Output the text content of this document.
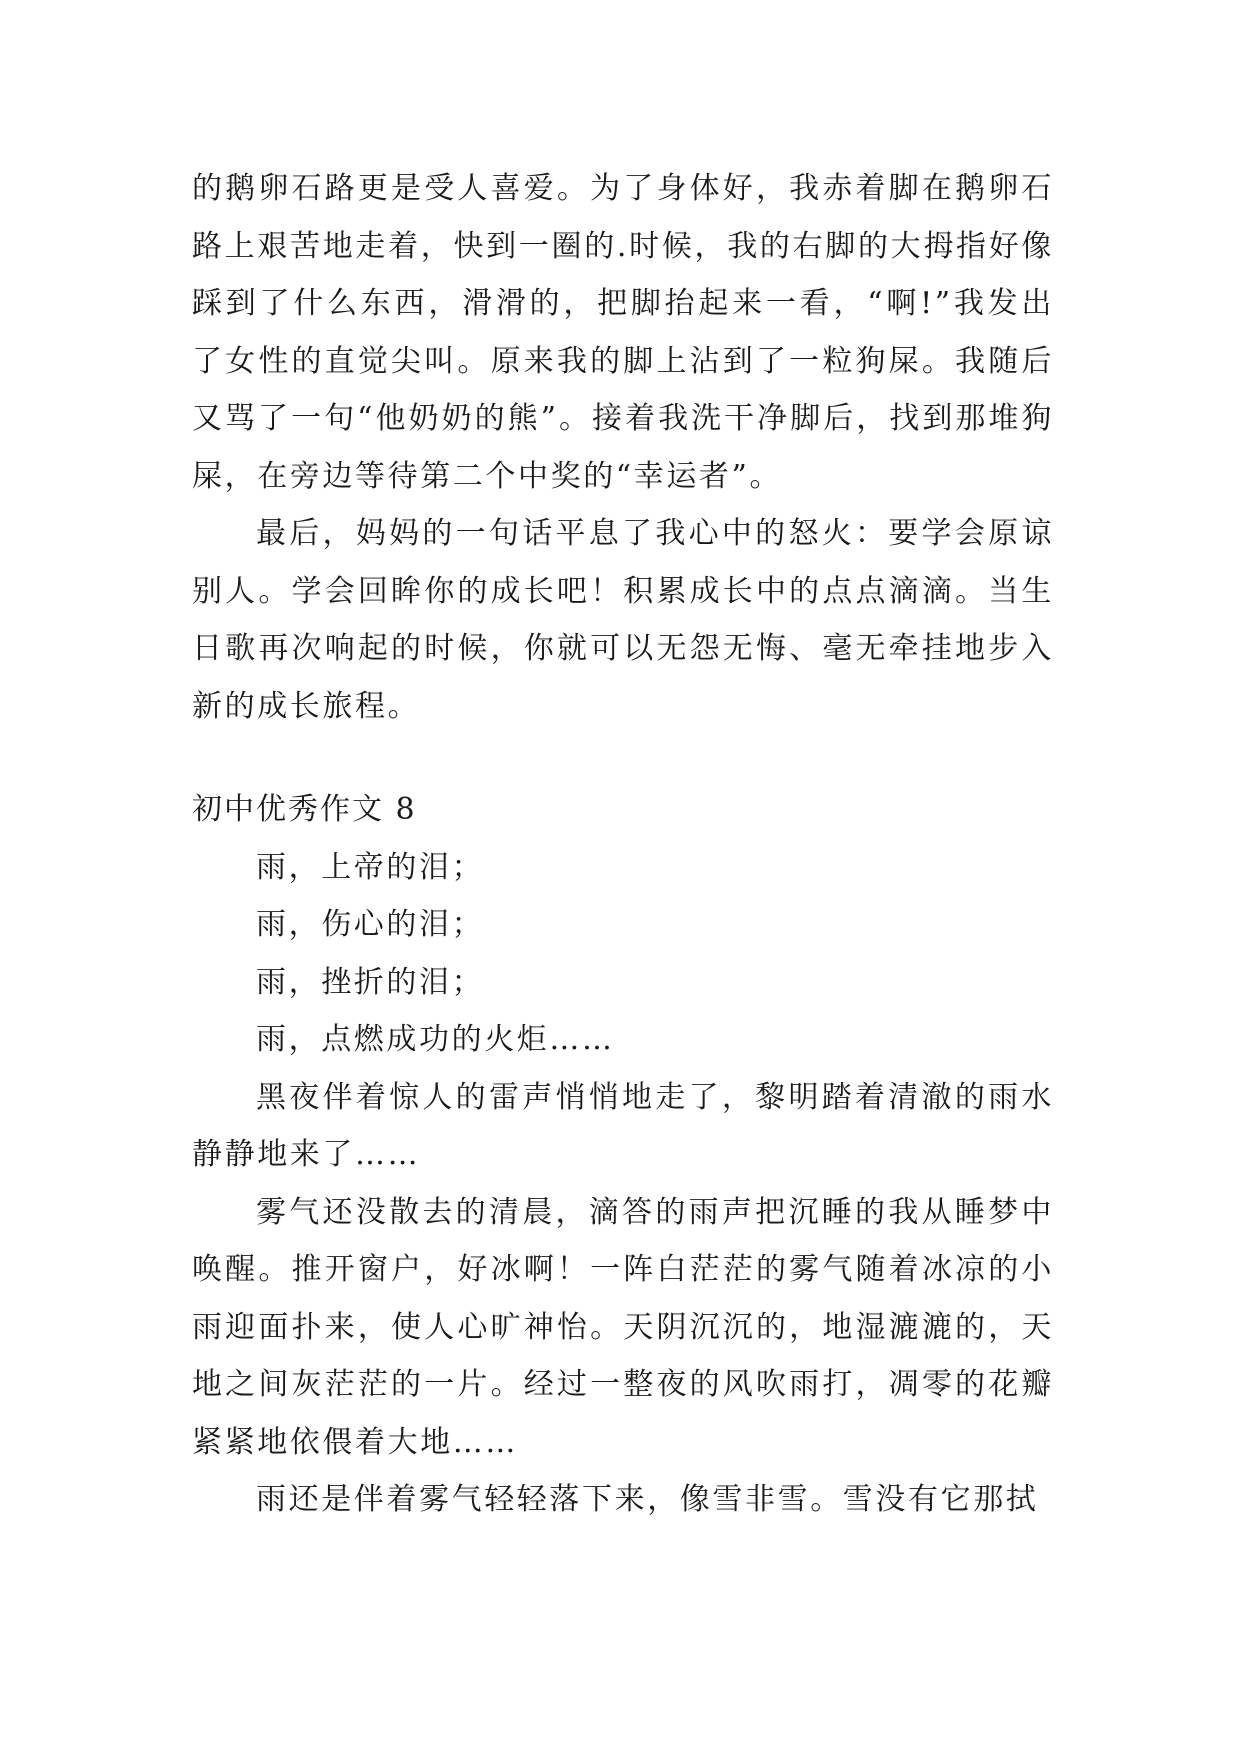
的鹅卵石路更是受人喜爱。为了身体好，我赤着脚在鹅卵石路上艰苦地走着，快到一圈的.时候，我的右脚的大拇指好像踩到了什么东西，滑滑的，把脚抬起来一看，“啊!”我发出了女性的直觉尖叫。原来我的脚上沾到了一粒狗屎。我随后又骂了一句“他奶奶的熊”。接着我洗干净脚后，找到那堆狗屎，在旁边等待第二个中奖的“幸运者”。

最后，妈妈的一句话平息了我心中的怒火：要学会原谅别人。学会回眸你的成长吧！积累成长中的点点滴滴。当生日歌再次响起的时候，你就可以无怨无悔、毫无牵挂地步入新的成长旅程。

初中优秀作文 8

雨，上帝的泪；

雨，伤心的泪；

雨，挫折的泪；

雨，点燃成功的火炬……

黑夜伴着惊人的雷声悄悄地走了，黎明踏着清澈的雨水静静地来了……

雾气还没散去的清晨，滴答的雨声把沉睡的我从睡梦中唤醒。推开窗户，好冰啊！一阵白茫茫的雾气随着冰凉的小雨迎面扑来，使人心旷神怡。天阴沉沉的，地湿漉漉的，天地之间灰茫茫的一片。经过一整夜的风吹雨打，凋零的花瓣紧紧地依偎着大地……

雨还是伴着雾气轻轻落下来，像雪非雪。雪没有它那拭
